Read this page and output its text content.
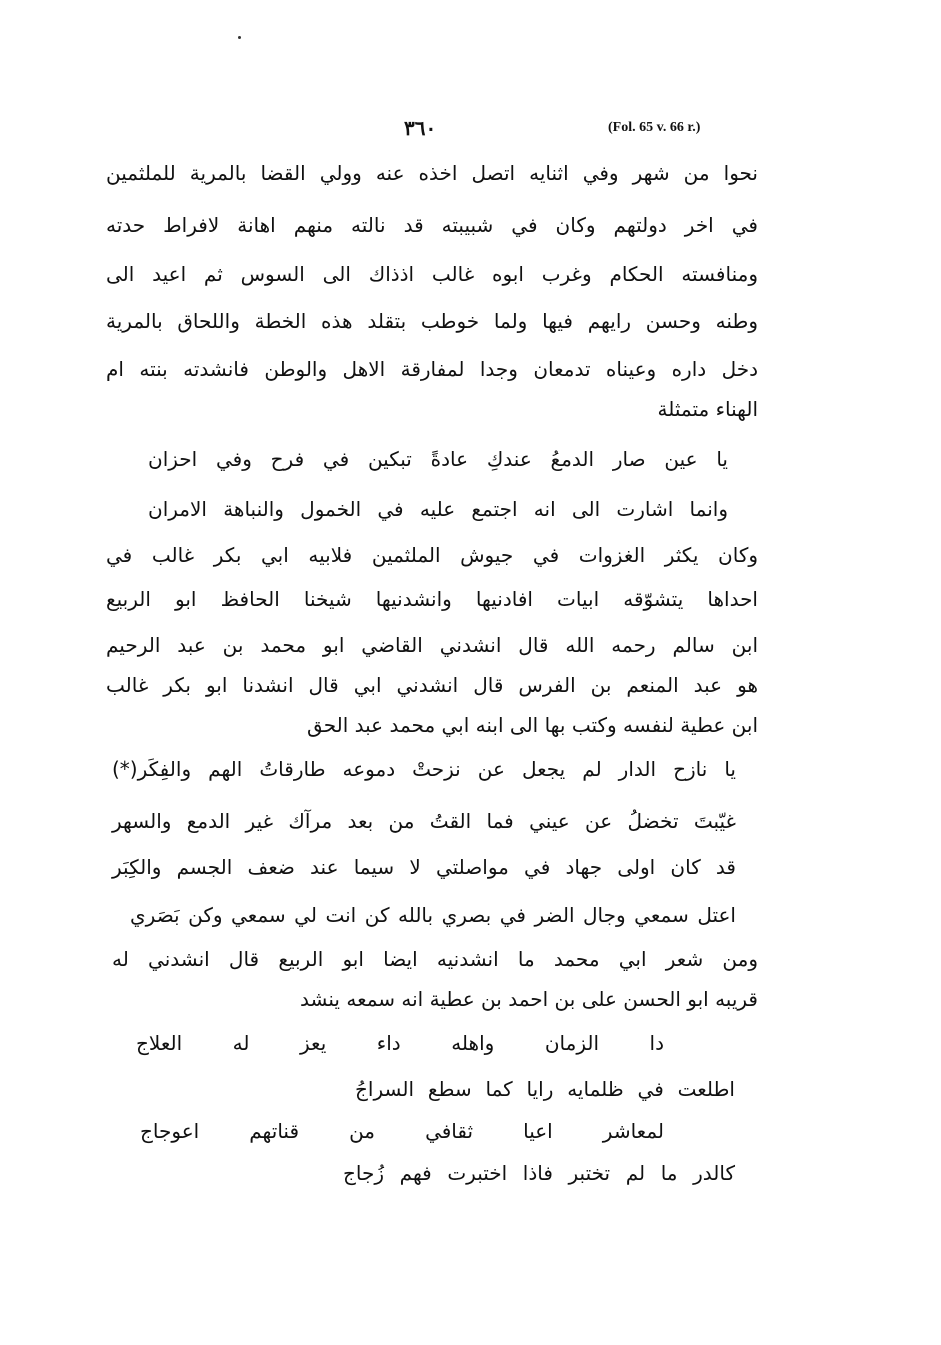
٣٦٠	(Fol. 65 v. 66 r.)
نحوا من شهر وفي اثنايه اتصل اخذه عنه وولي القضا بالمرية للملثمين
في اخر دولتهم وكان في شبيبته قد نالته منهم اهانة لافراط حدته
ومنافسته الحكام وغرب ابوه غالب اذذاك الى السوس ثم اعيد الى
وطنه وحسن رايهم فيها ولما خوطب بتقلد هذه الخطة واللحاق بالمرية
دخل داره وعيناه تدمعان وجدا لمفارقة الاهل والوطن فانشدته بنته ام
الهناء متمثلة
يا عين صار الدمعُ عندكِ عادةً تبكين في فرح وفي احزان
وانما اشارت الى انه اجتمع عليه في الخمول والنباهة الامران
وكان يكثر الغزوات في جيوش الملثمين فلابيه ابي بكر غالب في
احداها يتشوّقه ابيات افادنيها وانشدنيها شيخنا الحافظ ابو الربيع
ابن سالم رحمه الله قال انشدني القاضي ابو محمد بن عبد الرحيم
هو عبد المنعم بن الفرس قال انشدني ابي قال انشدنا ابو بكر غالب
ابن عطية لنفسه وكتب بها الى ابنه ابي محمد عبد الحق
يا نازح الدار لم يجعل عن نزحتْ دموعه طارقاتُ الهم والفِكَر(*)
غيّبتَ تخضلُ عن عيني فما القتُ من بعد مرآك غير الدمع والسهر
قد كان اولى جهاد في مواصلتي لا سيما عند ضعف الجسم والكِبَر
اعتل سمعي وجال الضر في بصري بالله كن انت لي سمعي وكن بَصَري
ومن شعر ابي محمد ما انشدنيه ايضا ابو الربيع قال انشدني له
قريبه ابو الحسن على بن احمد بن عطية انه سمعه ينشد
دا الزمان واهله داء يعز له العلاج
اطلعت في ظلمايه رايا كما سطع السراجُ
لمعاشر اعيا ثقافي من قناتهم اعوجاج
كالدر ما لم تختبر فاذا اختبرت فهم زُجاج
